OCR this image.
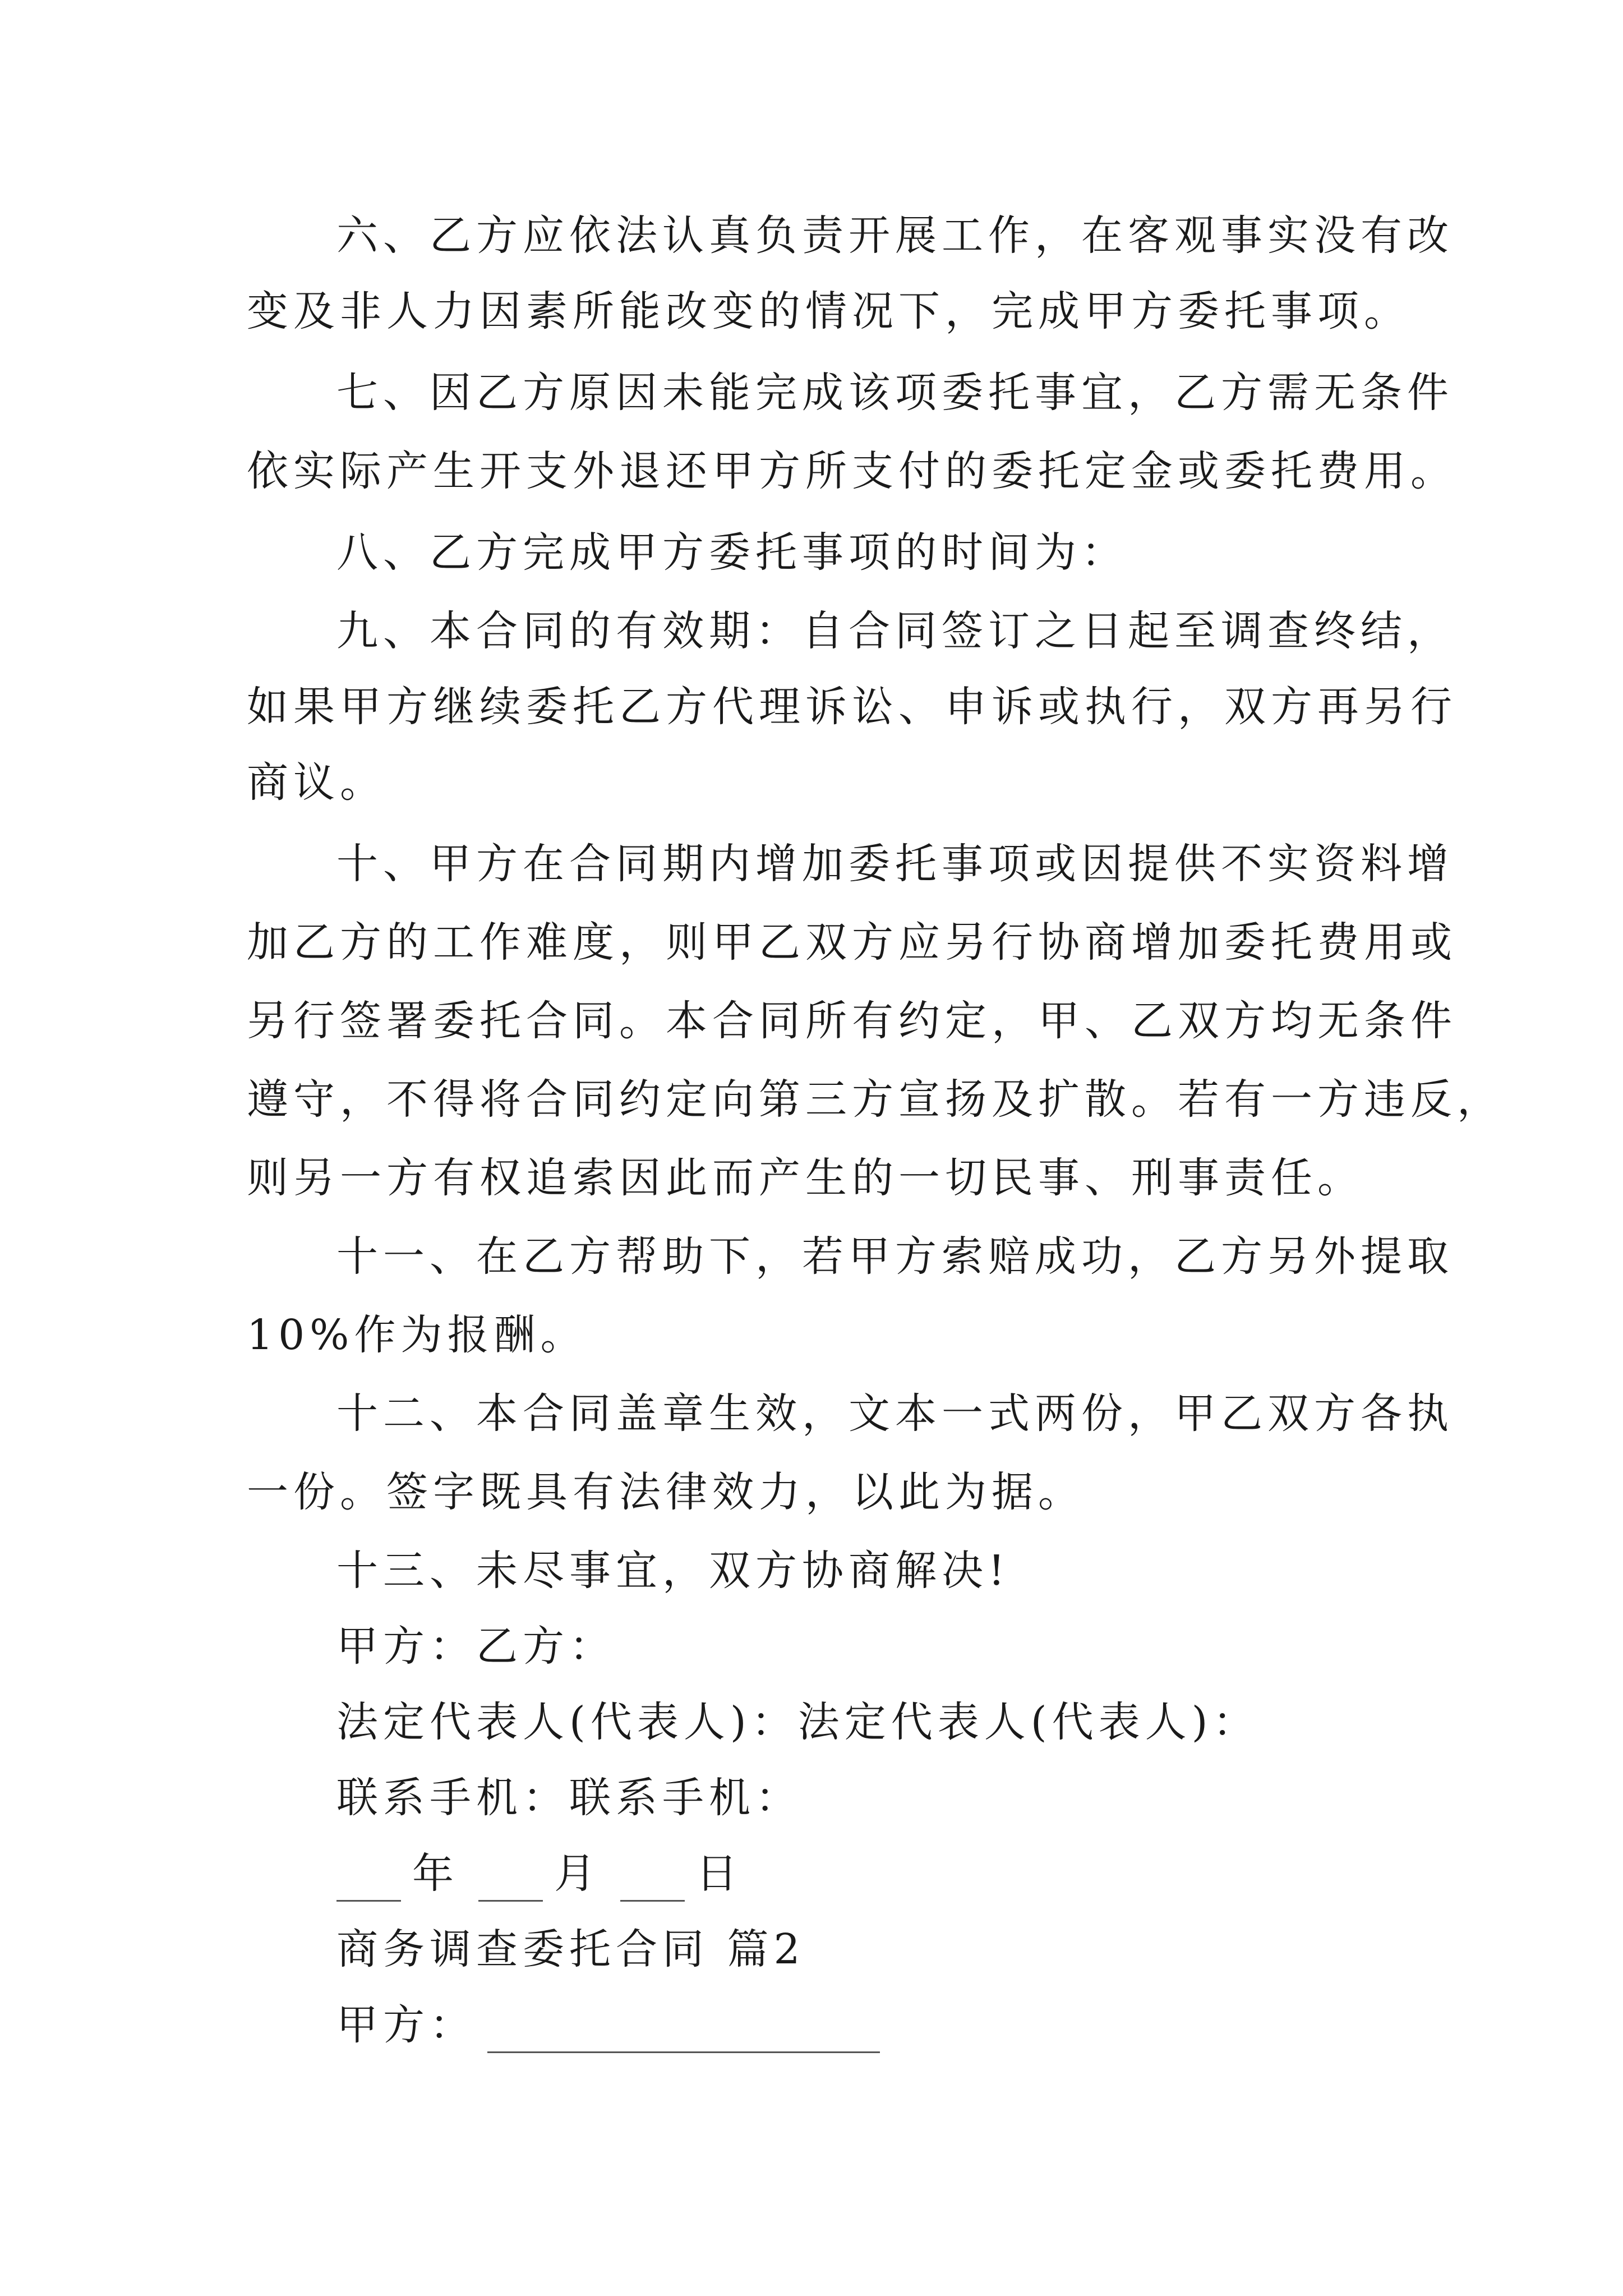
六、乙方应依法认真负责开展工作，在客观事实没有改
变及非人力因素所能改变的情况下，完成甲方委托事项。
七、因乙方原因未能完成该项委托事宜，乙方需无条件
依实际产生开支外退还甲方所支付的委托定金或委托费用。
八、乙方完成甲方委托事项的时间为：
九、本合同的有效期：自合同签订之日起至调查终结，
如果甲方继续委托乙方代理诉讼、申诉或执行，双方再另行
商议。
十、甲方在合同期内增加委托事项或因提供不实资料增
加乙方的工作难度，则甲乙双方应另行协商增加委托费用或
另行签署委托合同。本合同所有约定，甲、乙双方均无条件
遵守，不得将合同约定向第三方宣扬及扩散。若有一方违反，
则另一方有权追索因此而产生的一切民事、刑事责任。
十一、在乙方帮助下，若甲方索赔成功，乙方另外提取
10%作为报酬。
十二、本合同盖章生效，文本一式两份，甲乙双方各执
一份。签字既具有法律效力，以此为据。
十三、未尽事宜，双方协商解决!
甲方：乙方：
法定代表人(代表人)：法定代表人(代表人)：
联系手机：联系手机：
年 月 日
商务调查委托合同 篇2
甲方：
